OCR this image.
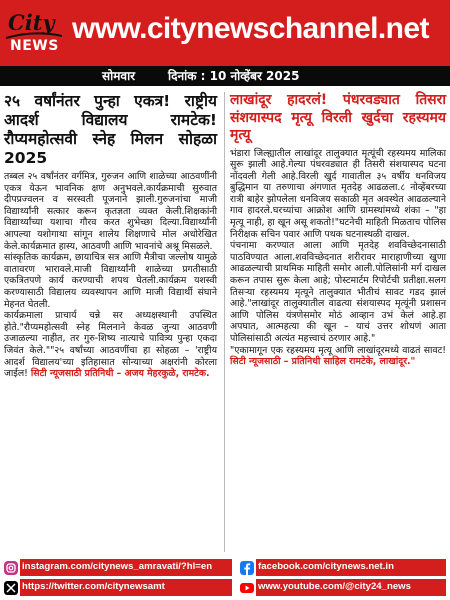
City
NEWS
www.citynewschannel.net
सोमवार	दिनांक : 10 नोव्हेंबर 2025
२५ वर्षांनंतर पुन्हा एकत्र! राष्ट्रीय आदर्श विद्यालय रामटेक! रौप्यमहोत्सवी स्नेह मिलन सोहळा 2025

तब्बल २५ वर्षांनंतर वर्गमित्र, गुरुजन आणि शाळेच्या आठवणींनी एकत्र येऊन भावनिक क्षण अनुभवले.कार्यक्रमाची सुरुवात दीपप्रज्वलन व सरस्वती पूजनाने झाली.गुरुजनांचा माजी विद्यार्थ्यांनी सत्कार करून कृतज्ञता व्यक्त केली.शिक्षकांनी विद्यार्थ्यांच्या यशाचा गौरव करत शुभेच्छा दिल्या.विद्यार्थ्यांनी आपल्या यशोगाथा सांगून शालेय शिक्षणाचे मोल अधोरेखित केले.कार्यक्रमात हास्य, आठवणी आणि भावनांचे अश्रू मिसळले.

सांस्कृतिक कार्यक्रम, छायाचित्र सत्र आणि मैत्रीचा जल्लोष यामुळे वातावरण भारावले.माजी विद्यार्थ्यांनी शाळेच्या प्रगतीसाठी एकत्रितपणे कार्य करण्याची शपथ घेतली.कार्यक्रम यशस्वी करण्यासाठी विद्यालय व्यवस्थापन आणि माजी विद्यार्थी संघाने मेहनत घेतली.

कार्यक्रमाला प्राचार्य चन्ने सर अध्यक्षस्थानी उपस्थित होते."रौप्यमहोत्सवी स्नेह मिलनाने केवळ जुन्या आठवणी उजाळल्या नाहीत, तर गुरु-शिष्य नात्याचे पावित्र्य पुन्हा एकदा जिवंत केले.""२५ वर्षांच्या आठवणींचा हा सोहळा – 'राष्ट्रीय आदर्श विद्यालय'च्या इतिहासात सोन्याच्या अक्षरांनी कोरला जाईल! सिटी न्यूजसाठी प्रतिनिधी – अजय मेहरकुळे, रामटेक.

लाखांदूर हादरलं! पंधरवड्यात तिसरा संशयास्पद मृत्यू विरली खुर्दचा रहस्यमय मृत्यू

भंडारा जिल्ह्यातील लाखांदूर तालुक्यात मृत्यूंची रहस्यमय मालिका सुरू झाली आहे.गेल्या पंधरवड्यात ही तिसरी संशयास्पद घटना नोंदवली गेली आहे.विरली खुर्द गावातील ३५ वर्षीय धनविजय बुद्धिमान या तरुणाचा अंगणात मृतदेह आढळला.८ नोव्हेंबरच्या रात्री बाहेर झोपलेला धनविजय सकाळी मृत अवस्थेत आढळल्याने गाव हादरले.घरच्यांचा आक्रोश आणि ग्रामस्थांमध्ये शंका – "हा मृत्यू नाही, हा खून असू शकतो!"घटनेची माहिती मिळताच पोलिस निरीक्षक सचिन पवार आणि पथक घटनास्थळी दाखल.

पंचनामा करण्यात आला आणि मृतदेह शवविच्छेदनासाठी पाठविण्यात आला.शवविच्छेदनात शरीरावर माराहाणीच्या खुणा आढळल्याची प्राथमिक माहिती समोर आली.पोलिसांनी मर्ग दाखल करून तपास सुरू केला आहे; पोस्टमार्टम रिपोर्टची प्रतीक्षा.सलग तिसऱ्या रहस्यमय मृत्यूने तालुक्यात भीतीचं सावट गडद झालं आहे."लाखांदूर तालुक्यातील वाढत्या संशयास्पद मृत्यूंनी प्रशासन आणि पोलिस यंत्रणेसमोर मोठं आव्हान उभं केलं आहे.हा अपघात, आत्महत्या की खून – याचं उत्तर शोधणं आता पोलिसांसाठी अत्यंत महत्त्वाचं ठरणार आहे."

"एकामागून एक रहस्यमय मृत्यू आणि लाखांदूरमध्ये वाढतं सावट! सिटी न्यूजसाठी – प्रतिनिधी साहिल रामटेके, लाखांदूर."

instagram.com/citynews_amravati/?hl=en	facebook.com/citynews.net.in
https://twitter.com/citynewsamt	www.youtube.com/@city24_news
